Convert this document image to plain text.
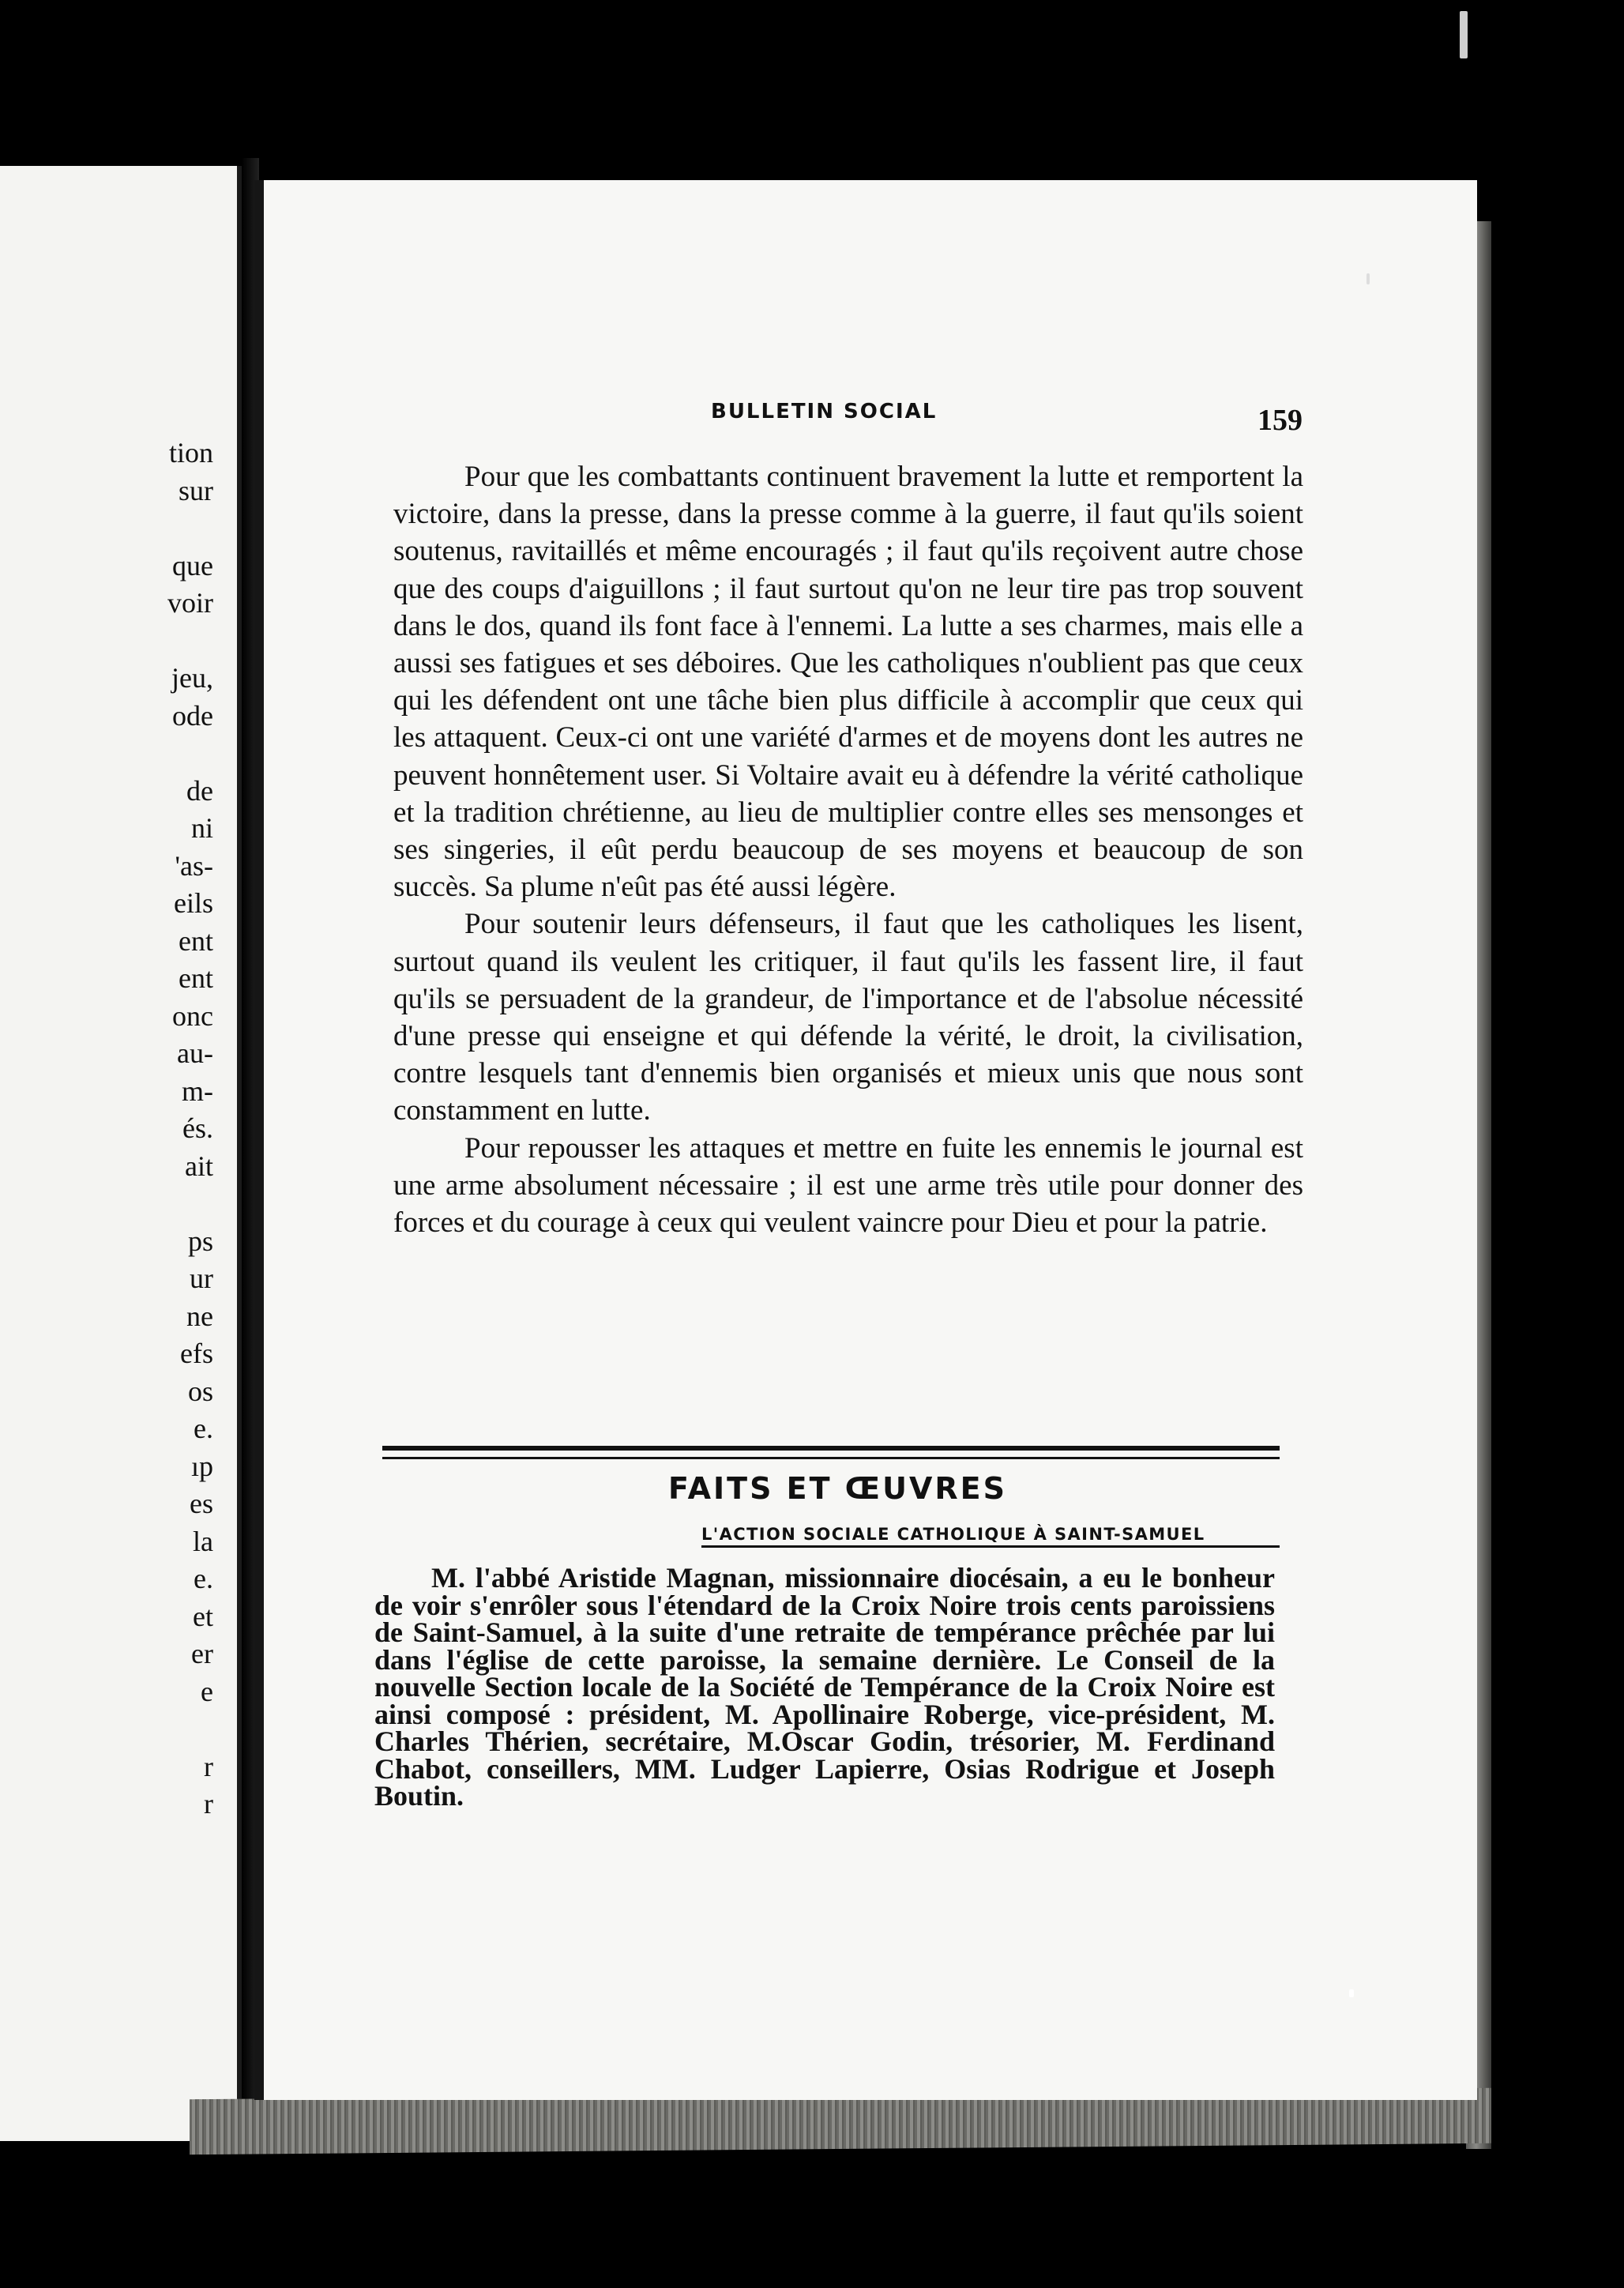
tion
sur
que
voir
jeu,
ode
de
ni
'as-
eils
ent
ent
onc
au-
m-
és.
ait
ps
ur
ne
efs
os
e.
ıp
es
la
e.
et
er
e
r
r
BULLETIN SOCIAL	159

Pour que les combattants continuent bravement la lutte et remportent la victoire, dans la presse, dans la presse comme à la guerre, il faut qu'ils soient soutenus, ravitaillés et même encouragés ; il faut qu'ils reçoivent autre chose que des coups d'aiguillons ; il faut surtout qu'on ne leur tire pas trop souvent dans le dos, quand ils font face à l'ennemi. La lutte a ses charmes, mais elle a aussi ses fatigues et ses déboires. Que les catholiques n'oublient pas que ceux qui les défendent ont une tâche bien plus difficile à accomplir que ceux qui les attaquent. Ceux-ci ont une variété d'armes et de moyens dont les autres ne peuvent honnêtement user. Si Voltaire avait eu à défendre la vérité catholique et la tradition chrétienne, au lieu de multiplier contre elles ses mensonges et ses singeries, il eût perdu beaucoup de ses moyens et beaucoup de son succès. Sa plume n'eût pas été aussi légère.

Pour soutenir leurs défenseurs, il faut que les catholiques les lisent, surtout quand ils veulent les critiquer, il faut qu'ils les fassent lire, il faut qu'ils se persuadent de la grandeur, de l'importance et de l'absolue nécessité d'une presse qui enseigne et qui défende la vérité, le droit, la civilisation, contre lesquels tant d'ennemis bien organisés et mieux unis que nous sont constamment en lutte.

Pour repousser les attaques et mettre en fuite les ennemis le journal est une arme absolument nécessaire ; il est une arme très utile pour donner des forces et du courage à ceux qui veulent vaincre pour Dieu et pour la patrie.

FAITS ET ŒUVRES
L'ACTION SOCIALE CATHOLIQUE À SAINT-SAMUEL

M. l'abbé Aristide Magnan, missionnaire diocésain, a eu le bonheur de voir s'enrôler sous l'étendard de la Croix Noire trois cents paroissiens de Saint-Samuel, à la suite d'une retraite de tempérance prêchée par lui dans l'église de cette paroisse, la semaine dernière. Le Conseil de la nouvelle Section locale de la Société de Tempérance de la Croix Noire est ainsi composé : président, M. Apollinaire Roberge, vice-président, M. Charles Thérien, secrétaire, M.Oscar Godin, trésorier, M. Ferdinand Chabot, conseillers, MM. Ludger Lapierre, Osias Rodrigue et Joseph Boutin.
